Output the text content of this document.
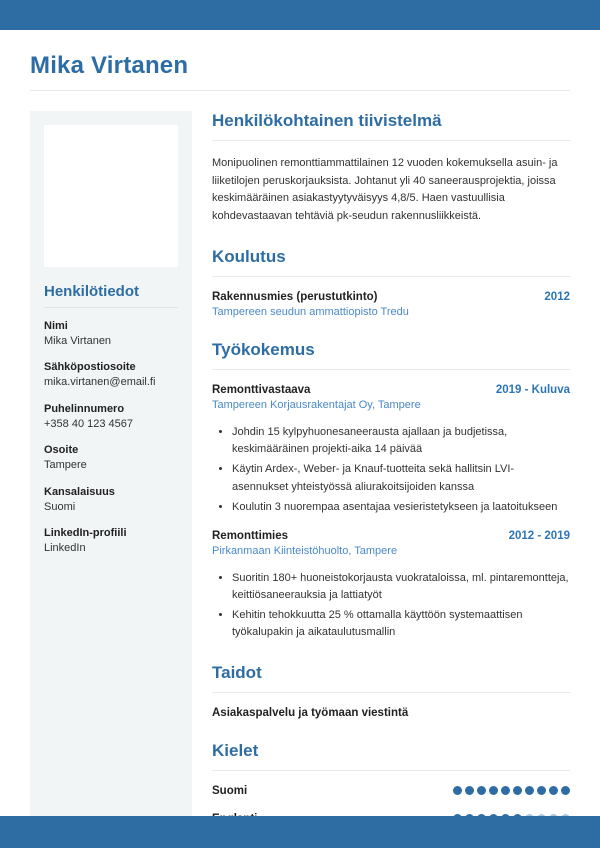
Mika Virtanen
Henkilötiedot
Nimi
Mika Virtanen
Sähköpostiosoite
mika.virtanen@email.fi
Puhelinnumero
+358 40 123 4567
Osoite
Tampere
Kansalaisuus
Suomi
LinkedIn-profiili
LinkedIn
Henkilökohtainen tiivistelmä

Monipuolinen remonttiammattilainen 12 vuoden kokemuksella asuin- ja liiketilojen peruskorjauksista. Johtanut yli 40 saneerausprojektia, joissa keskimääräinen asiakastyytyväisyys 4,8/5. Haen vastuullisia kohdevastaavan tehtäviä pk-seudun rakennusliikkeistä.

Koulutus
Rakennusmies (perustutkinto)	2012
Tampereen seudun ammattiopisto Tredu
Työkokemus
Remonttivastaava	2019 - Kuluva
Tampereen Korjausrakentajat Oy, Tampere
• Johdin 15 kylpyhuonesaneerausta ajallaan ja budjetissa, keskimääräinen projekti-aika 14 päivää
• Käytin Ardex-, Weber- ja Knauf-tuotteita sekä hallitsin LVI-asennukset yhteistyössä aliurakoitsijoiden kanssa
• Koulutin 3 nuorempaa asentajaa vesieristetykseen ja laatoitukseen
Remonttimies	2012 - 2019
Pirkanmaan Kiinteistöhuolto, Tampere
• Suoritin 180+ huoneistokorjausta vuokrataloissa, ml. pintaremontteja, keittiösaneerauksia ja lattiatyöt
• Kehitin tehokkuutta 25 % ottamalla käyttöön systemaattisen työkalupakin ja aikataulutusmallin
Taidot

Asiakaspalvelu ja työmaan viestintä

Kielet
Suomi
